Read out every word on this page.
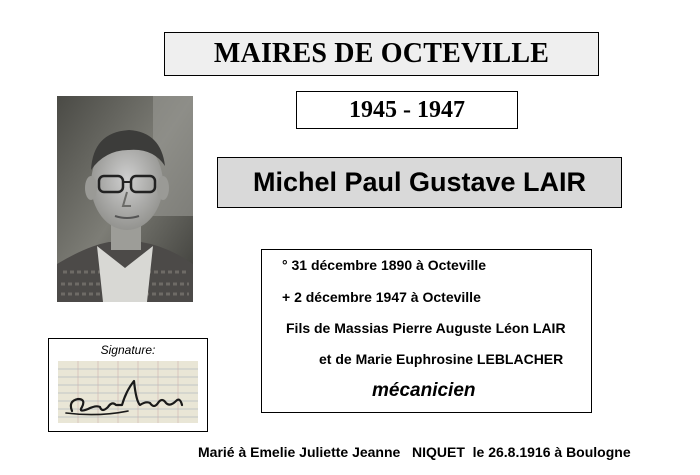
MAIRES DE OCTEVILLE
1945 - 1947
Michel Paul Gustave LAIR
° 31 décembre 1890 à Octeville
+ 2 décembre 1947 à Octeville
Fils de Massias Pierre Auguste Léon LAIR
et de Marie Euphrosine LEBLACHER
mécanicien
Signature:
Marié à Emelie Juliette Jeanne   NIQUET  le 26.8.1916 à Boulogne
